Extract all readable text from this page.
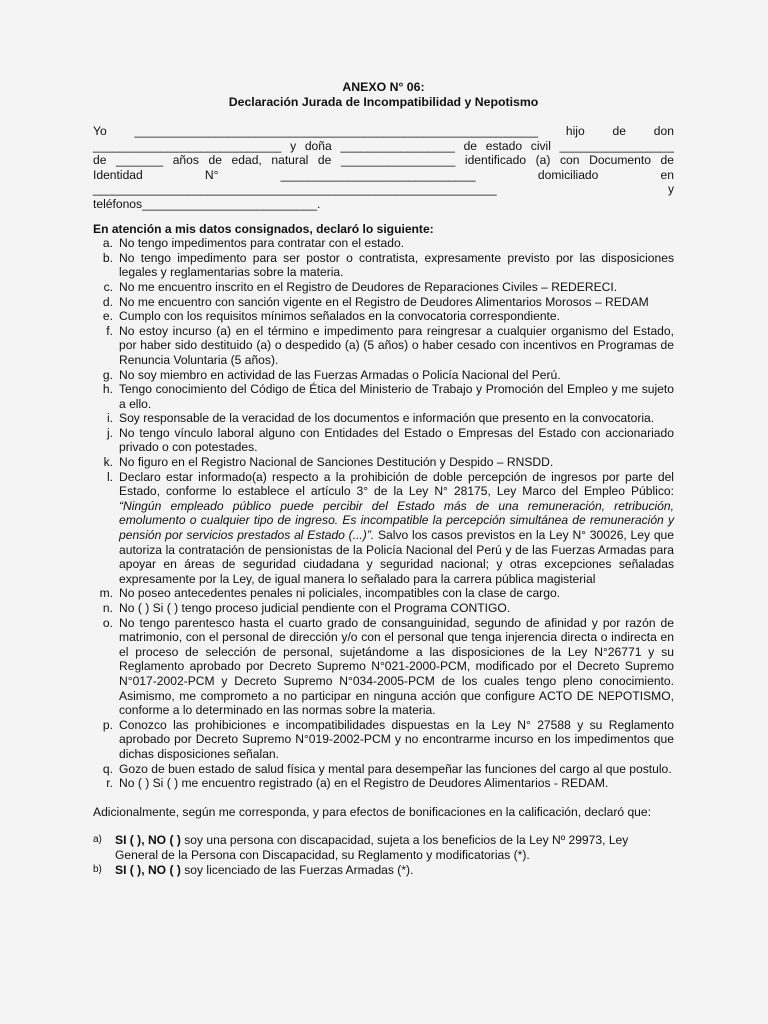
ANEXO N° 06:
Declaración Jurada de Incompatibilidad y Nepotismo
Yo ____________________________________________________________ hijo de don
____________________________ y doña _________________ de estado civil _________________
de _______ años de edad, natural de _________________ identificado (a) con Documento de
Identidad	N°	_____________________________	domiciliado	en
____________________________________________________________	y
teléfonos__________________________.
En atención a mis datos consignados, declaró lo siguiente:
a. No tengo impedimentos para contratar con el estado.
b. No tengo impedimento para ser postor o contratista, expresamente previsto por las disposiciones legales y reglamentarias sobre la materia.
c. No me encuentro inscrito en el Registro de Deudores de Reparaciones Civiles – REDERECI.
d. No me encuentro con sanción vigente en el Registro de Deudores Alimentarios Morosos – REDAM
e. Cumplo con los requisitos mínimos señalados en la convocatoria correspondiente.
f. No estoy incurso (a) en el término e impedimento para reingresar a cualquier organismo del Estado, por haber sido destituido (a) o despedido (a) (5 años) o haber cesado con incentivos en Programas de Renuncia Voluntaria (5 años).
g. No soy miembro en actividad de las Fuerzas Armadas o Policía Nacional del Perú.
h. Tengo conocimiento del Código de Ética del Ministerio de Trabajo y Promoción del Empleo y me sujeto a ello.
i. Soy responsable de la veracidad de los documentos e información que presento en la convocatoria.
j. No tengo vínculo laboral alguno con Entidades del Estado o Empresas del Estado con accionariado privado o con potestades.
k. No figuro en el Registro Nacional de Sanciones Destitución y Despido – RNSDD.
l. Declaro estar informado(a) respecto a la prohibición de doble percepción de ingresos por parte del Estado, conforme lo establece el artículo 3° de la Ley N° 28175, Ley Marco del Empleo Público: “Ningún empleado público puede percibir del Estado más de una remuneración, retribución, emolumento o cualquier tipo de ingreso. Es incompatible la percepción simultánea de remuneración y pensión por servicios prestados al Estado (...)”. Salvo los casos previstos en la Ley N° 30026, Ley que autoriza la contratación de pensionistas de la Policía Nacional del Perú y de las Fuerzas Armadas para apoyar en áreas de seguridad ciudadana y seguridad nacional; y otras excepciones señaladas expresamente por la Ley, de igual manera lo señalado para la carrera pública magisterial
m. No poseo antecedentes penales ni policiales, incompatibles con la clase de cargo.
n. No ( ) Si ( ) tengo proceso judicial pendiente con el Programa CONTIGO.
o. No tengo parentesco hasta el cuarto grado de consanguinidad, segundo de afinidad y por razón de matrimonio, con el personal de dirección y/o con el personal que tenga injerencia directa o indirecta en el proceso de selección de personal, sujetándome a las disposiciones de la Ley N°26771 y su Reglamento aprobado por Decreto Supremo N°021-2000-PCM, modificado por el Decreto Supremo N°017-2002-PCM y Decreto Supremo N°034-2005-PCM de los cuales tengo pleno conocimiento. Asimismo, me comprometo a no participar en ninguna acción que configure ACTO DE NEPOTISMO, conforme a lo determinado en las normas sobre la materia.
p. Conozco las prohibiciones e incompatibilidades dispuestas en la Ley N° 27588 y su Reglamento aprobado por Decreto Supremo N°019-2002-PCM y no encontrarme incurso en los impedimentos que dichas disposiciones señalan.
q. Gozo de buen estado de salud física y mental para desempeñar las funciones del cargo al que postulo.
r. No ( ) Si ( ) me encuentro registrado (a) en el Registro de Deudores Alimentarios - REDAM.
Adicionalmente, según me corresponda, y para efectos de bonificaciones en la calificación, declaró que:
a)	SI ( ), NO ( ) soy una persona con discapacidad, sujeta a los beneficios de la Ley Nº 29973, Ley General de la Persona con Discapacidad, su Reglamento y modificatorias (*).
b)	SI ( ), NO ( ) soy licenciado de las Fuerzas Armadas (*).
